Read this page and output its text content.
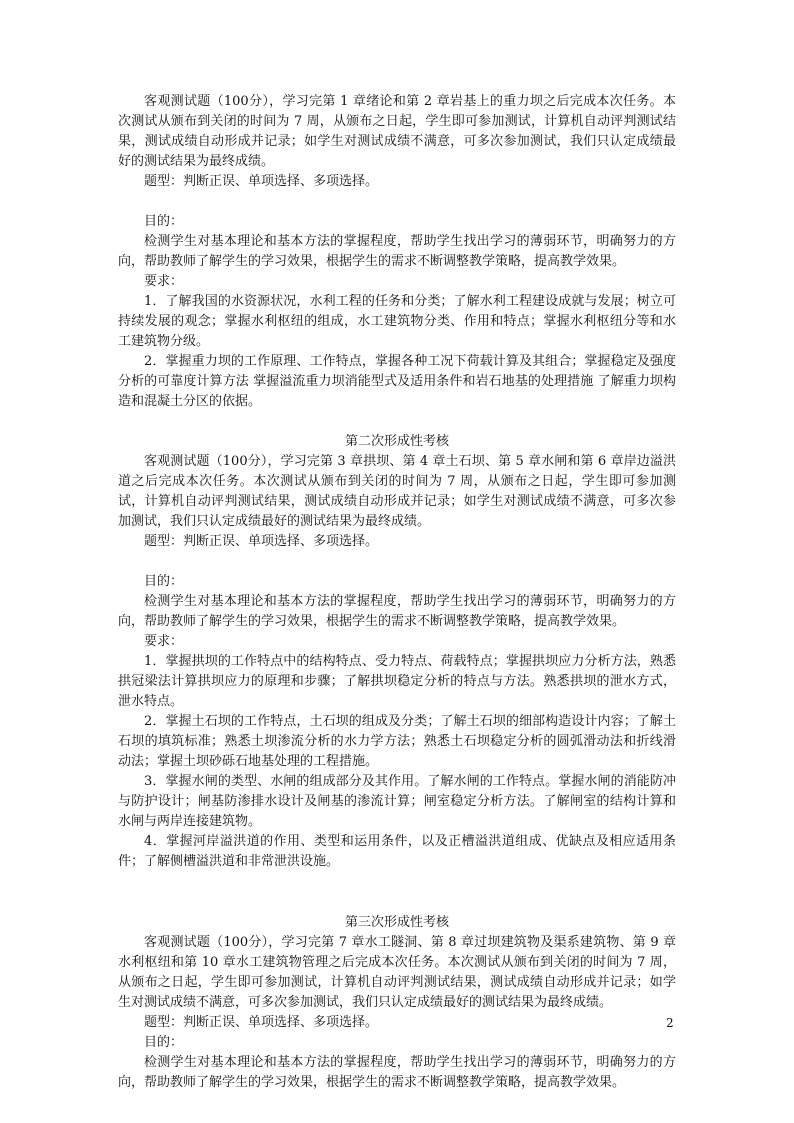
客观测试题（100分），学习完第 1 章绪论和第 2 章岩基上的重力坝之后完成本次任务。本次测试从颁布到关闭的时间为 7 周，从颁布之日起，学生即可参加测试，计算机自动评判测试结果，测试成绩自动形成并记录；如学生对测试成绩不满意，可多次参加测试，我们只认定成绩最好的测试结果为最终成绩。

题型：判断正误、单项选择、多项选择。

目的：

检测学生对基本理论和基本方法的掌握程度，帮助学生找出学习的薄弱环节，明确努力的方向，帮助教师了解学生的学习效果，根据学生的需求不断调整教学策略，提高教学效果。

要求：

1．了解我国的水资源状况，水利工程的任务和分类；了解水利工程建设成就与发展；树立可持续发展的观念；掌握水利枢纽的组成，水工建筑物分类、作用和特点；掌握水利枢纽分等和水工建筑物分级。

2．掌握重力坝的工作原理、工作特点，掌握各种工况下荷载计算及其组合；掌握稳定及强度分析的可靠度计算方法 掌握溢流重力坝消能型式及适用条件和岩石地基的处理措施 了解重力坝构造和混凝土分区的依据。

第二次形成性考核

客观测试题（100分），学习完第 3 章拱坝、第 4 章土石坝、第 5 章水闸和第 6 章岸边溢洪道之后完成本次任务。本次测试从颁布到关闭的时间为 7 周，从颁布之日起，学生即可参加测试，计算机自动评判测试结果，测试成绩自动形成并记录；如学生对测试成绩不满意，可多次参加测试，我们只认定成绩最好的测试结果为最终成绩。

题型：判断正误、单项选择、多项选择。

目的：

检测学生对基本理论和基本方法的掌握程度，帮助学生找出学习的薄弱环节，明确努力的方向，帮助教师了解学生的学习效果，根据学生的需求不断调整教学策略，提高教学效果。

要求：

1．掌握拱坝的工作特点中的结构特点、受力特点、荷载特点；掌握拱坝应力分析方法，熟悉拱冠梁法计算拱坝应力的原理和步骤；了解拱坝稳定分析的特点与方法。熟悉拱坝的泄水方式，泄水特点。

2．掌握土石坝的工作特点，土石坝的组成及分类；了解土石坝的细部构造设计内容；了解土石坝的填筑标准；熟悉土坝渗流分析的水力学方法；熟悉土石坝稳定分析的圆弧滑动法和折线滑动法；掌握土坝砂砾石地基处理的工程措施。

3．掌握水闸的类型、水闸的组成部分及其作用。了解水闸的工作特点。掌握水闸的消能防冲与防护设计；闸基防渗排水设计及闸基的渗流计算；闸室稳定分析方法。了解闸室的结构计算和水闸与两岸连接建筑物。

4．掌握河岸溢洪道的作用、类型和运用条件，以及正槽溢洪道组成、优缺点及相应适用条件；了解侧槽溢洪道和非常泄洪设施。

第三次形成性考核

客观测试题（100分），学习完第 7 章水工隧洞、第 8 章过坝建筑物及渠系建筑物、第 9 章水利枢纽和第 10 章水工建筑物管理之后完成本次任务。本次测试从颁布到关闭的时间为 7 周，从颁布之日起，学生即可参加测试，计算机自动评判测试结果，测试成绩自动形成并记录；如学生对测试成绩不满意，可多次参加测试，我们只认定成绩最好的测试结果为最终成绩。

题型：判断正误、单项选择、多项选择。

目的：

检测学生对基本理论和基本方法的掌握程度，帮助学生找出学习的薄弱环节，明确努力的方向，帮助教师了解学生的学习效果，根据学生的需求不断调整教学策略，提高教学效果。

2
